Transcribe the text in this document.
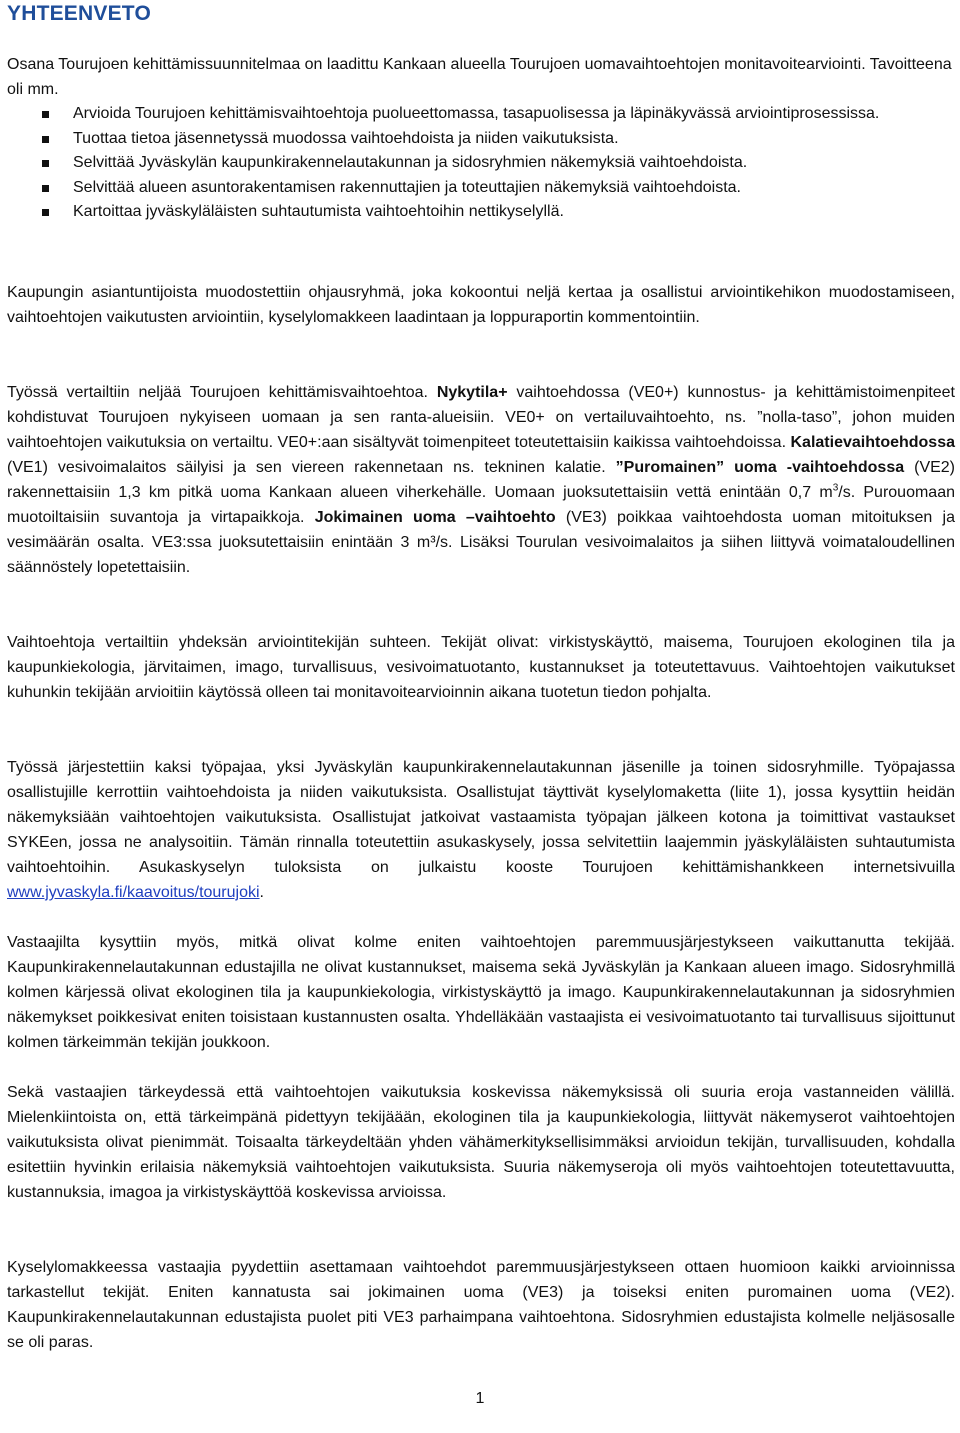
YHTEENVETO
Osana Tourujoen kehittämissuunnitelmaa on laadittu Kankaan alueella Tourujoen uomavaihtoehtojen monitavoitearviointi. Tavoitteena oli mm.
Arvioida Tourujoen kehittämisvaihtoehtoja puolueettomassa, tasapuolisessa ja läpinäkyvässä arviointiprosessissa.
Tuottaa tietoa jäsennetyssä muodossa vaihtoehdoista ja niiden vaikutuksista.
Selvittää Jyväskylän kaupunkirakennelautakunnan ja sidosryhmien näkemyksiä vaihtoehdoista.
Selvittää alueen asuntorakentamisen rakennuttajien ja toteuttajien näkemyksiä vaihtoehdoista.
Kartoittaa jyväskyläläisten suhtautumista vaihtoehtoihin nettikyselyllä.

Kaupungin asiantuntijoista muodostettiin ohjausryhmä, joka kokoontui neljä kertaa ja osallistui arviointikehikon muodostamiseen, vaihtoehtojen vaikutusten arviointiin, kyselylomakkeen laadintaan ja loppuraportin kommentointiin.

Työssä vertailtiin neljää Tourujoen kehittämisvaihtoehtoa. Nykytila+ vaihtoehdossa (VE0+) kunnostus- ja kehittämistoimenpiteet kohdistuvat Tourujoen nykyiseen uomaan ja sen ranta-alueisiin. VE0+ on vertailuvaihtoehto, ns. ”nolla-taso”, johon muiden vaihtoehtojen vaikutuksia on vertailtu. VE0+:aan sisältyvät toimenpiteet toteutettaisiin kaikissa vaihtoehdoissa. Kalatievaihtoehdossa (VE1) vesivoimalaitos säilyisi ja sen viereen rakennetaan ns. tekninen kalatie. ”Puromainen” uoma -vaihtoehdossa (VE2) rakennettaisiin 1,3 km pitkä uoma Kankaan alueen viherkehälle. Uomaan juoksutettaisiin vettä enintään 0,7 $m^3/s$. Purouomaan muotoiltaisiin suvantoja ja virtapaikkoja. Jokimainen uoma –vaihtoehto (VE3) poikkaa vaihtoehdosta uoman mitoituksen ja vesimäärän osalta. VE3:ssa juoksutettaisiin enintään 3 m³/s. Lisäksi Tourulan vesivoimalaitos ja siihen liittyvä voimataloudellinen säännöstely lopetettaisiin.

Vaihtoehtoja vertailtiin yhdeksän arviointitekijän suhteen. Tekijät olivat: virkistyskäyttö, maisema, Tourujoen ekologinen tila ja kaupunkiekologia, järvitaimen, imago, turvallisuus, vesivoimatuotanto, kustannukset ja toteutettavuus. Vaihtoehtojen vaikutukset kuhunkin tekijään arvioitiin käytössä olleen tai monitavoitearvioinnin aikana tuotetun tiedon pohjalta.

Työssä järjestettiin kaksi työpajaa, yksi Jyväskylän kaupunkirakennelautakunnan jäsenille ja toinen sidosryhmille. Työpajassa osallistujille kerrottiin vaihtoehdoista ja niiden vaikutuksista. Osallistujat täyttivät kyselylomaketta (liite 1), jossa kysyttiin heidän näkemyksiään vaihtoehtojen vaikutuksista. Osallistujat jatkoivat vastaamista työpajan jälkeen kotona ja toimittivat vastaukset SYKEen, jossa ne analysoitiin. Tämän rinnalla toteutettiin asukaskysely, jossa selvitettiin laajemmin jyäskyläläisten suhtautumista vaihtoehtoihin. Asukaskyselyn tuloksista on julkaistu kooste Tourujoen kehittämishankkeen internetsivuilla www.jyvaskyla.fi/kaavoitus/tourujoki.

Vastaajilta kysyttiin myös, mitkä olivat kolme eniten vaihtoehtojen paremmuusjärjestykseen vaikuttanutta tekijää. Kaupunkirakennelautakunnan edustajilla ne olivat kustannukset, maisema sekä Jyväskylän ja Kankaan alueen imago. Sidosryhmillä kolmen kärjessä olivat ekologinen tila ja kaupunkiekologia, virkistyskäyttö ja imago. Kaupunkirakennelautakunnan ja sidosryhmien näkemykset poikkesivat eniten toisistaan kustannusten osalta. Yhdelläkään vastaajista ei vesivoimatuotanto tai turvallisuus sijoittunut kolmen tärkeimmän tekijän joukkoon.

Sekä vastaajien tärkeydessä että vaihtoehtojen vaikutuksia koskevissa näkemyksissä oli suuria eroja vastanneiden välillä. Mielenkiintoista on, että tärkeimpänä pidettyyn tekijäään, ekologinen tila ja kaupunkiekologia, liittyvät näkemyserot vaihtoehtojen vaikutuksista olivat pienimmät. Toisaalta tärkeydeltään yhden vähämerkityksellisimmäksi arvioidun tekijän, turvallisuuden, kohdalla esitettiin hyvinkin erilaisia näkemyksiä vaihtoehtojen vaikutuksista. Suuria näkemyseroja oli myös vaihtoehtojen toteutettavuutta, kustannuksia, imagoa ja virkistyskäyttöä koskevissa arvioissa.

Kyselylomakkeessa vastaajia pyydettiin asettamaan vaihtoehdot paremmuusjärjestykseen ottaen huomioon kaikki arvioinnissa tarkastellut tekijät. Eniten kannatusta sai jokimainen uoma (VE3) ja toiseksi eniten puromainen uoma (VE2). Kaupunkirakennelautakunnan edustajista puolet piti VE3 parhaimpana vaihtoehtona. Sidosryhmien edustajista kolmelle neljäsosalle se oli paras.

1
